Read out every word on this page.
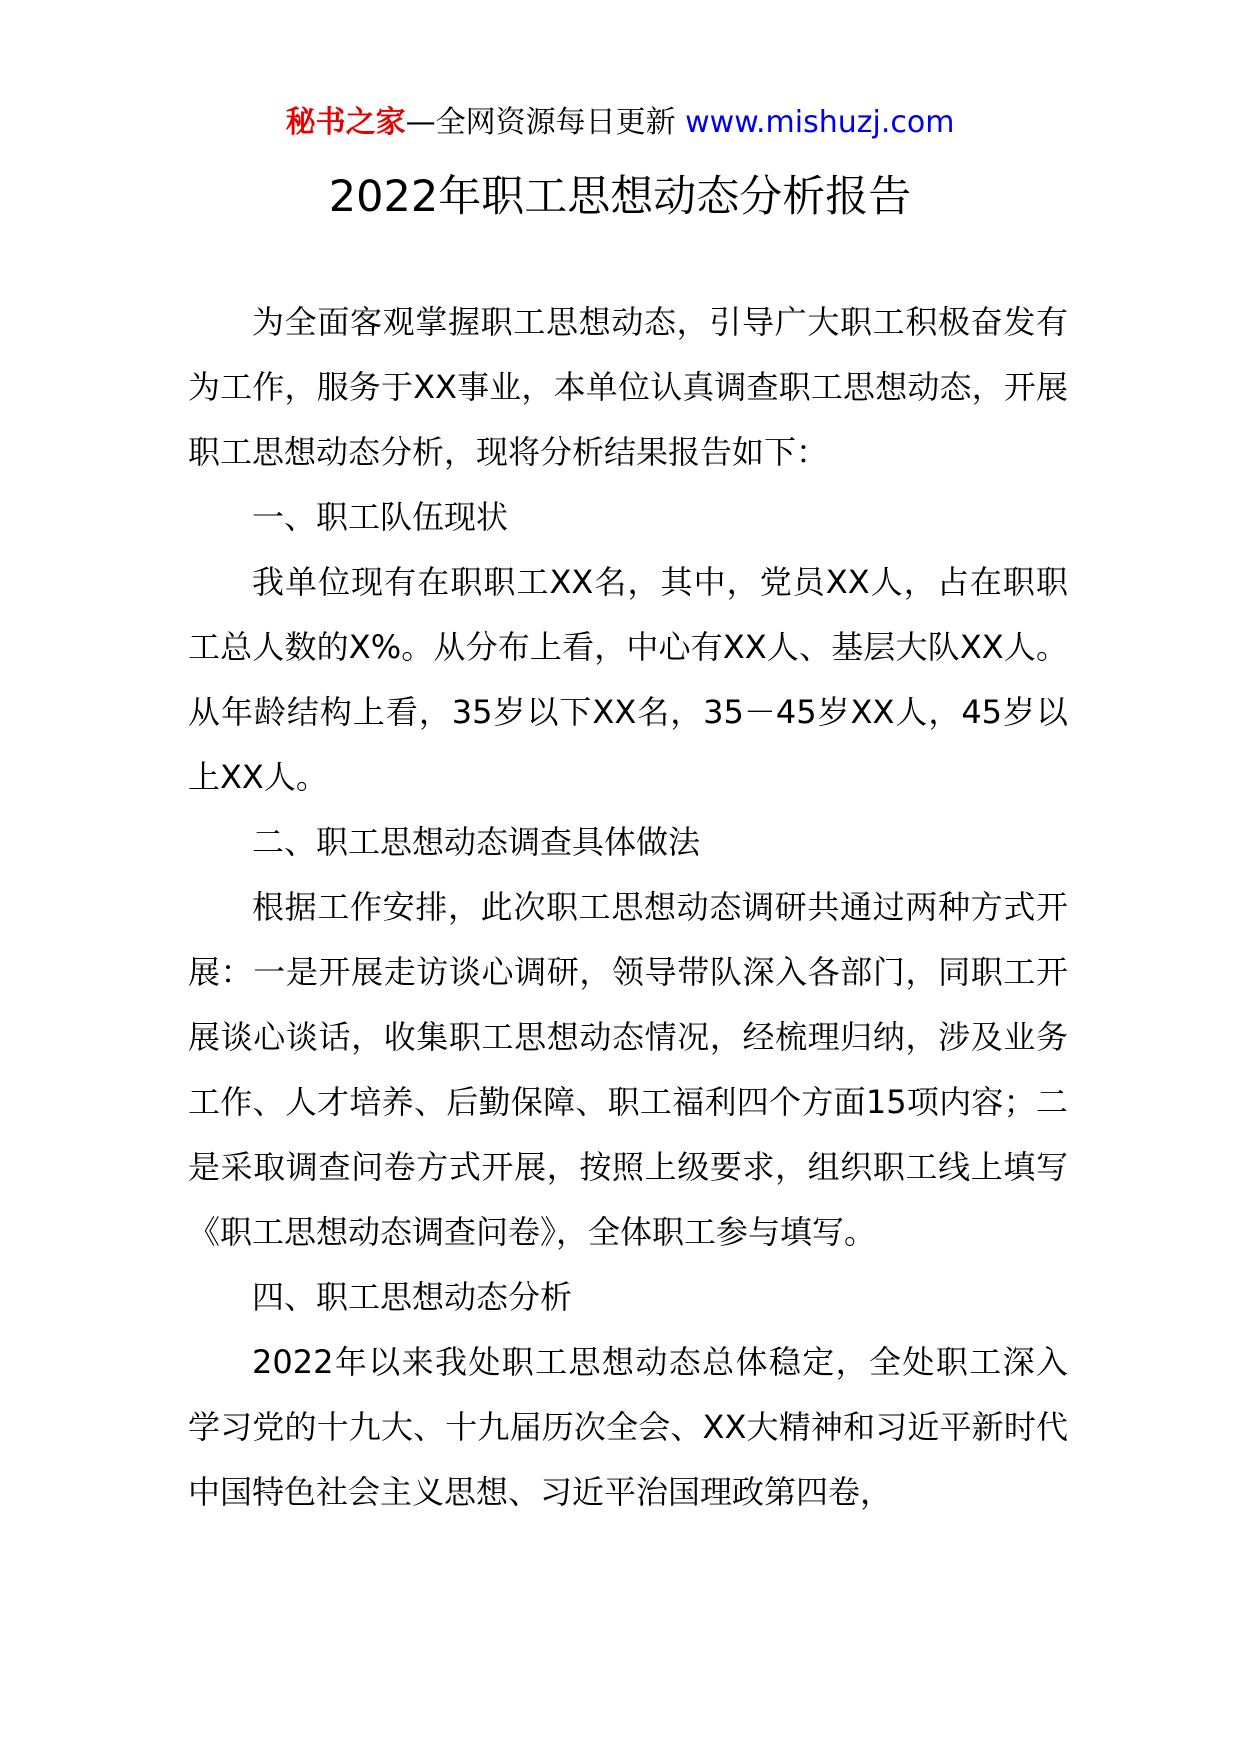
秘书之家—全网资源每日更新 www.mishuzj.com
2022年职工思想动态分析报告

为全面客观掌握职工思想动态，引导广大职工积极奋发有为工作，服务于XX事业，本单位认真调查职工思想动态，开展职工思想动态分析，现将分析结果报告如下：

一、职工队伍现状

我单位现有在职职工XX名，其中，党员XX人，占在职职工总人数的X%。从分布上看，中心有XX人、基层大队XX人。从年龄结构上看，35岁以下XX名，35－45岁XX人，45岁以上XX人。

二、职工思想动态调查具体做法

根据工作安排，此次职工思想动态调研共通过两种方式开展：一是开展走访谈心调研，领导带队深入各部门，同职工开展谈心谈话，收集职工思想动态情况，经梳理归纳，涉及业务工作、人才培养、后勤保障、职工福利四个方面15项内容；二是采取调查问卷方式开展，按照上级要求，组织职工线上填写《职工思想动态调查问卷》，全体职工参与填写。

四、职工思想动态分析

2022年以来我处职工思想动态总体稳定，全处职工深入学习党的十九大、十九届历次全会、XX大精神和习近平新时代中国特色社会主义思想、习近平治国理政第四卷，
